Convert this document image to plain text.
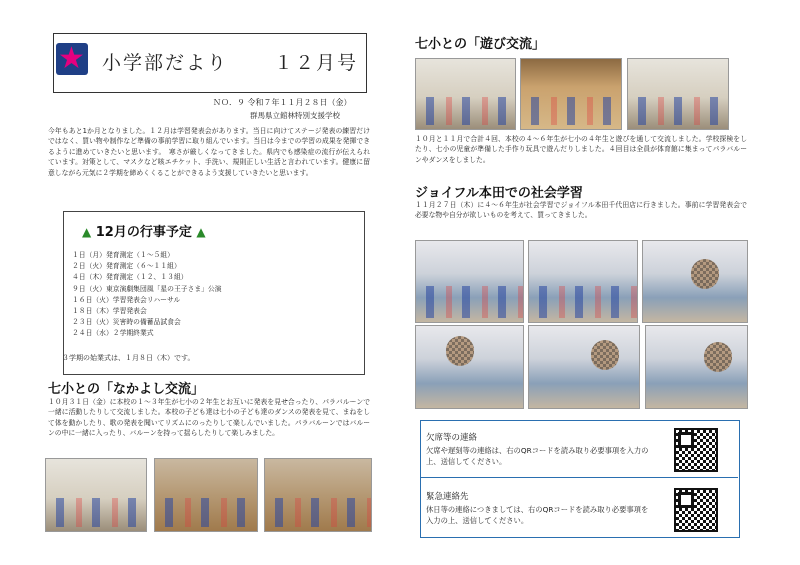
★ 小学部だより １２月号
ＮＯ．９ 令和７年１１月２８日（金）
群馬県立館林特別支援学校
今年もあと1か月となりました。１２月は学習発表会があります。当日に向けてステージ発表の練習だけではなく、買い物や制作など準備の事前学習に取り組んでいます。当日は今までの学習の成果を発揮できるように進めていきたいと思います。　寒さが厳しくなってきました。県内でも感染症の流行が伝えられています。対策として、マスクなど咳エチケット、手洗い、規則正しい生活と言われています。健康に留意しながら元気に２学期を締めくくることができるよう支援していきたいと思います。
▲ 12月の行事予定 ▲
１日（月）発育測定（１～５組）
２日（火）発育測定（６～１１組）
４日（木）発育測定（１２、１３組）
９日（火）東京演劇集団風「星の王子さま」公演
１６日（火）学習発表会リハーサル
１８日（木）学習発表会
２３日（火）災害時の備蓄品試食会
２４日（水）２学期終業式
３学期の始業式は、１月８日（木）です。
七小との「なかよし交流」
１０月３１日（金）に本校の１～３年生が七小の２年生とお互いに発表を見せ合ったり、パラバルーンで一緒に活動したりして交流しました。本校の子ども達は七小の子ども達のダンスの発表を見て、まねをして体を動かしたり、歌の発表を聞いてリズムにのったりして楽しんでいました。パラバルーンではバルーンの中に一緒に入ったり、バルーンを持って揺らしたりして楽しみました。
七小との「遊び交流」
１０月と１１月で合計４回、本校の４～６年生が七小の４年生と遊びを通して交流しました。学校探検をしたり、七小の児童が準備した手作り玩具で遊んだりしました。４回目は全員が体育館に集まってパラバルーンやダンスをしました。
ジョイフル本田での社会学習
１１月２７日（木）に４～６年生が社会学習でジョイフル本田千代田店に行きました。事前に学習発表会で必要な物や自分が欲しいものを考えて、買ってきました。
欠席等の連絡
欠席や遅刻等の連絡は、右のQRコードを読み取り必要事項を入力の上、送信してください。
緊急連絡先
休日等の連絡につきましては、右のQRコードを読み取り必要事項を入力の上、送信してください。
